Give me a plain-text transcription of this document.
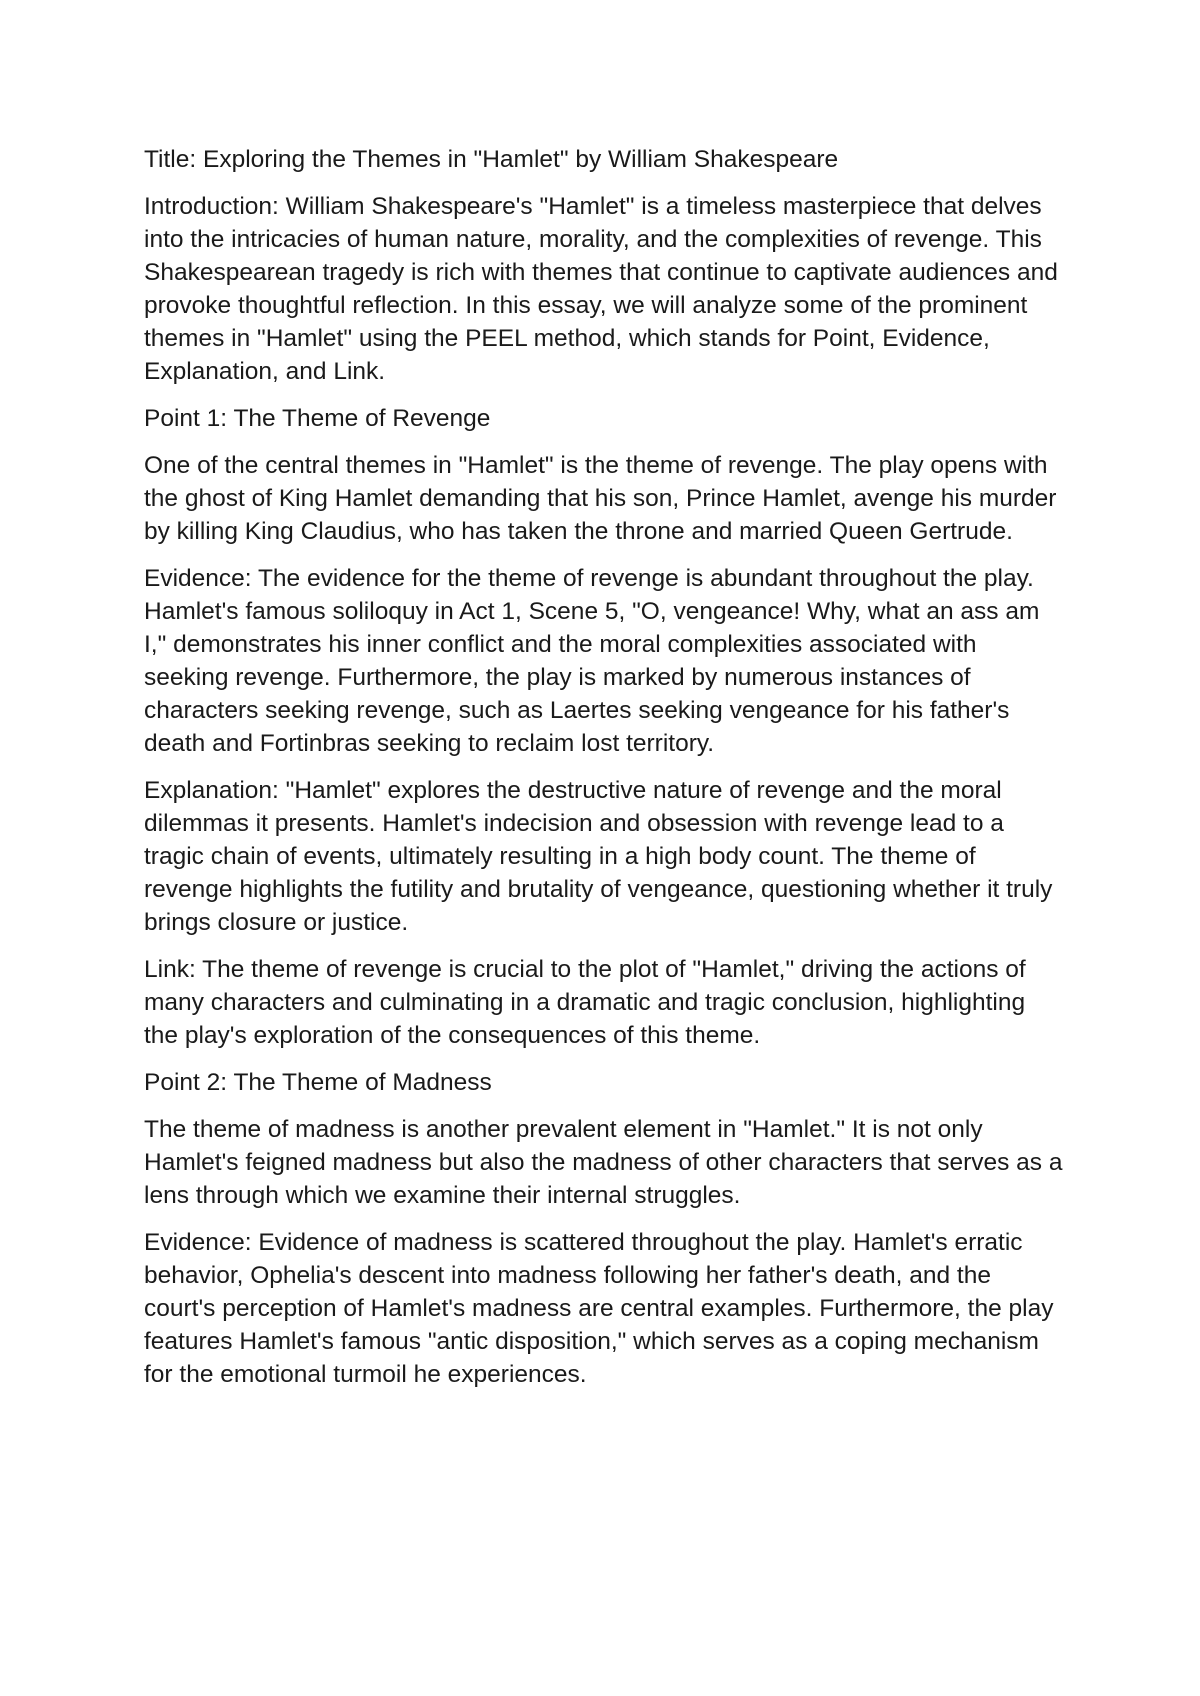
Title: Exploring the Themes in "Hamlet" by William Shakespeare

Introduction: William Shakespeare's "Hamlet" is a timeless masterpiece that delves into the intricacies of human nature, morality, and the complexities of revenge. This Shakespearean tragedy is rich with themes that continue to captivate audiences and provoke thoughtful reflection. In this essay, we will analyze some of the prominent themes in "Hamlet" using the PEEL method, which stands for Point, Evidence, Explanation, and Link.

Point 1: The Theme of Revenge

One of the central themes in "Hamlet" is the theme of revenge. The play opens with the ghost of King Hamlet demanding that his son, Prince Hamlet, avenge his murder by killing King Claudius, who has taken the throne and married Queen Gertrude.

Evidence: The evidence for the theme of revenge is abundant throughout the play. Hamlet's famous soliloquy in Act 1, Scene 5, "O, vengeance! Why, what an ass am I," demonstrates his inner conflict and the moral complexities associated with seeking revenge. Furthermore, the play is marked by numerous instances of characters seeking revenge, such as Laertes seeking vengeance for his father's death and Fortinbras seeking to reclaim lost territory.

Explanation: "Hamlet" explores the destructive nature of revenge and the moral dilemmas it presents. Hamlet's indecision and obsession with revenge lead to a tragic chain of events, ultimately resulting in a high body count. The theme of revenge highlights the futility and brutality of vengeance, questioning whether it truly brings closure or justice.

Link: The theme of revenge is crucial to the plot of "Hamlet," driving the actions of many characters and culminating in a dramatic and tragic conclusion, highlighting the play's exploration of the consequences of this theme.

Point 2: The Theme of Madness

The theme of madness is another prevalent element in "Hamlet." It is not only Hamlet's feigned madness but also the madness of other characters that serves as a lens through which we examine their internal struggles.

Evidence: Evidence of madness is scattered throughout the play. Hamlet's erratic behavior, Ophelia's descent into madness following her father's death, and the court's perception of Hamlet's madness are central examples. Furthermore, the play features Hamlet's famous "antic disposition," which serves as a coping mechanism for the emotional turmoil he experiences.
